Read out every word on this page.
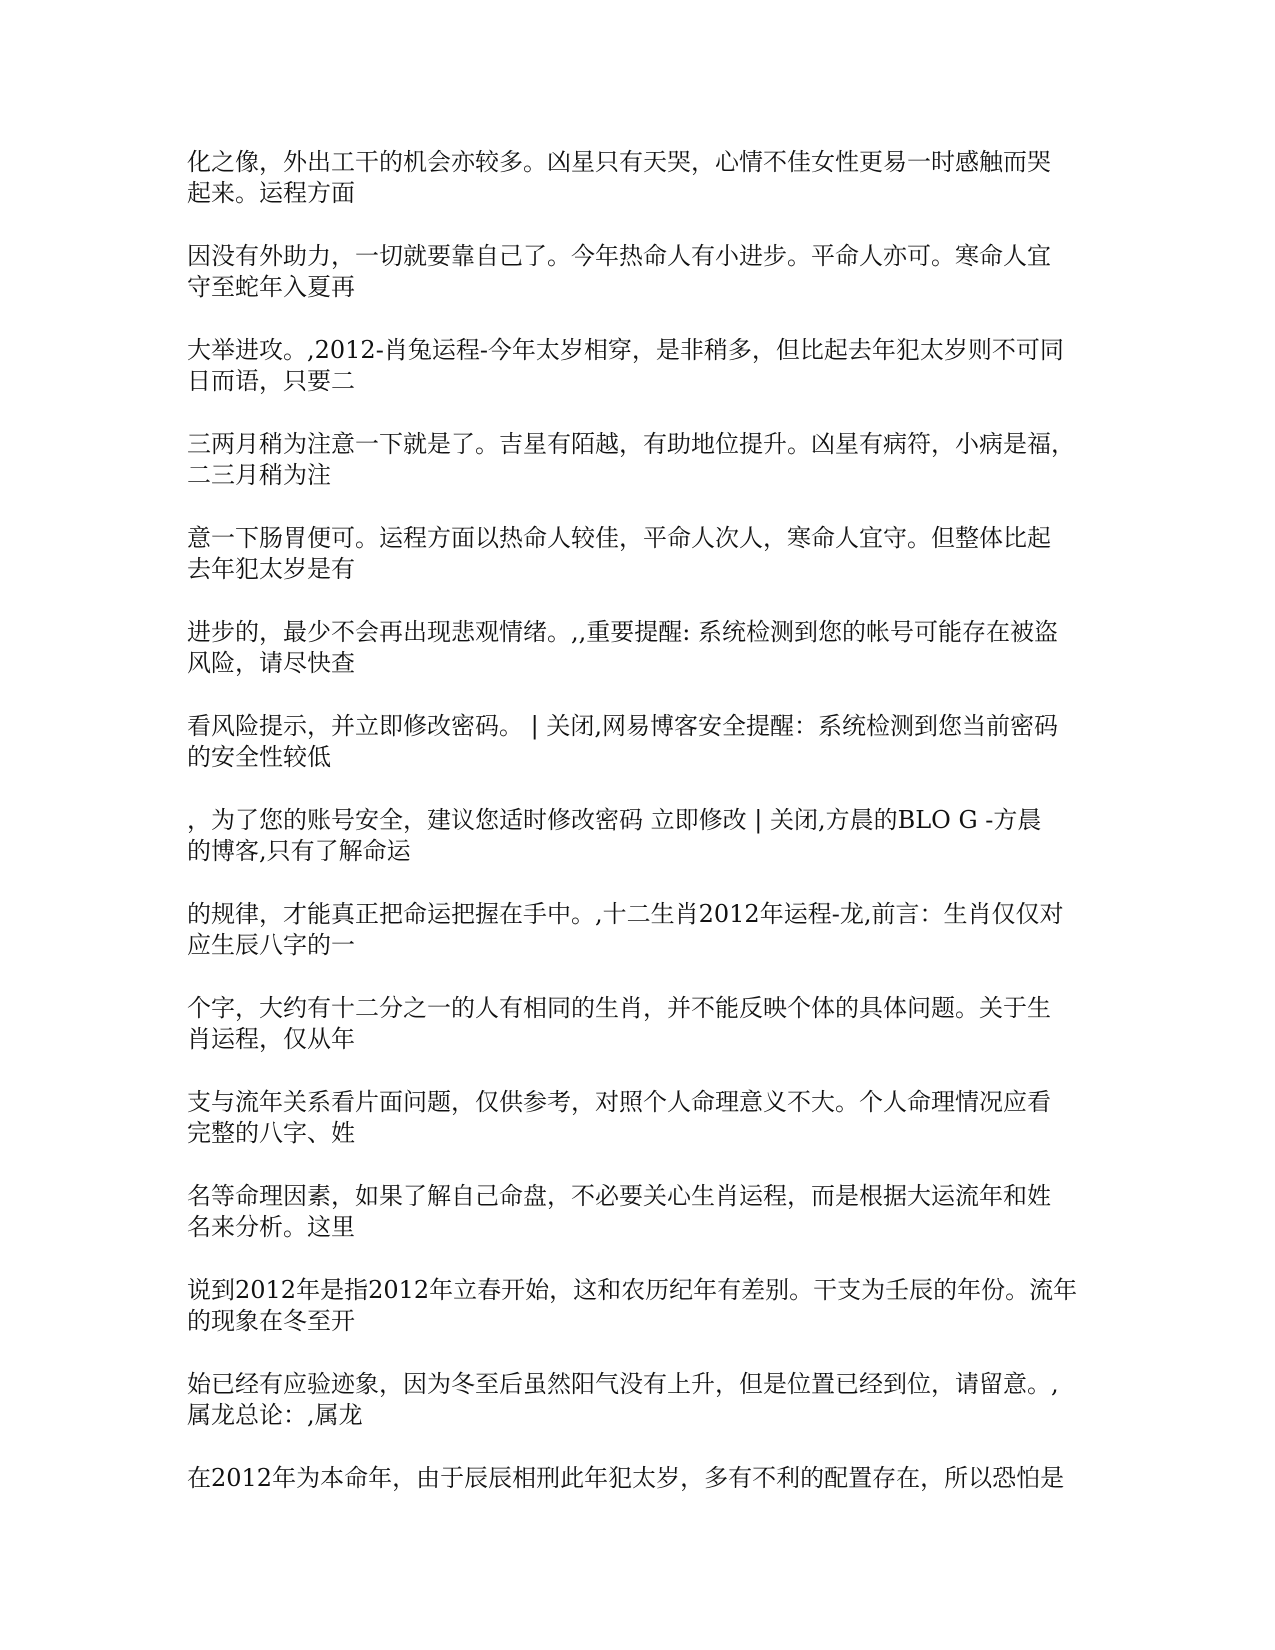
化之像，外出工干的机会亦较多。凶星只有天哭，心情不佳女性更易一时感触而哭
起来。运程方面

因没有外助力，一切就要靠自己了。今年热命人有小进步。平命人亦可。寒命人宜
守至蛇年入夏再

大举进攻。,2012-肖兔运程-今年太岁相穿，是非稍多，但比起去年犯太岁则不可同
日而语，只要二

三两月稍为注意一下就是了。吉星有陌越，有助地位提升。凶星有病符，小病是福，
二三月稍为注

意一下肠胃便可。运程方面以热命人较佳，平命人次人，寒命人宜守。但整体比起
去年犯太岁是有

进步的，最少不会再出现悲观情绪。,,重要提醒: 系统检测到您的帐号可能存在被盗
风险，请尽快查

看风险提示，并立即修改密码。 | 关闭,网易博客安全提醒：系统检测到您当前密码
的安全性较低

，为了您的账号安全，建议您适时修改密码 立即修改 | 关闭,方晨的BLO G -方晨
的博客,只有了解命运

的规律，才能真正把命运把握在手中。,十二生肖2012年运程-龙,前言：生肖仅仅对
应生辰八字的一

个字，大约有十二分之一的人有相同的生肖，并不能反映个体的具体问题。关于生
肖运程，仅从年

支与流年关系看片面问题，仅供参考，对照个人命理意义不大。个人命理情况应看
完整的八字、姓

名等命理因素，如果了解自己命盘，不必要关心生肖运程，而是根据大运流年和姓
名来分析。这里

说到2012年是指2012年立春开始，这和农历纪年有差别。干支为壬辰的年份。流年
的现象在冬至开

始已经有应验迹象，因为冬至后虽然阳气没有上升，但是位置已经到位，请留意。,
属龙总论：,属龙

在2012年为本命年，由于辰辰相刑此年犯太岁，多有不利的配置存在，所以恐怕是
